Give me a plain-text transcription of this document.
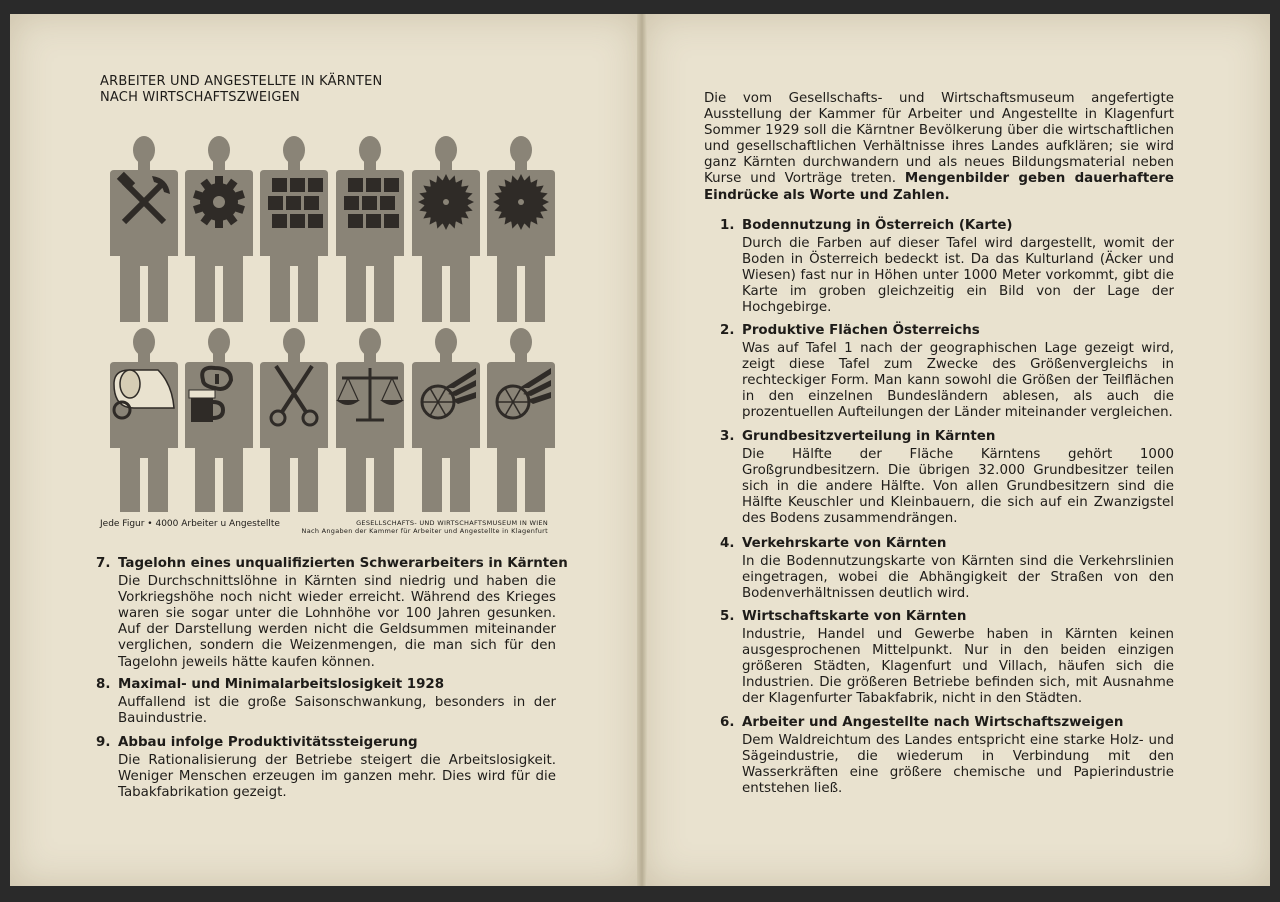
ARBEITER UND ANGESTELLTE IN KÄRNTEN
NACH WIRTSCHAFTSZWEIGEN
Jede Figur • 4000 Arbeiter u Angestellte	GESELLSCHAFTS- UND WIRTSCHAFTSMUSEUM IN WIEN
Nach Angaben der Kammer für Arbeiter und Angestellte in Klagenfurt
7. Tagelohn eines unqualifizierten Schwerarbeiters in Kärnten

Die Durchschnittslöhne in Kärnten sind niedrig und haben die Vorkriegshöhe noch nicht wieder erreicht. Während des Krieges waren sie sogar unter die Lohnhöhe vor 100 Jahren gesunken. Auf der Darstellung werden nicht die Geldsummen miteinander verglichen, sondern die Weizenmengen, die man sich für den Tagelohn jeweils hätte kaufen können.

8. Maximal- und Minimalarbeitslosigkeit 1928

Auffallend ist die große Saisonschwankung, besonders in der Bauindustrie.

9. Abbau infolge Produktivitätssteigerung

Die Rationalisierung der Betriebe steigert die Arbeitslosigkeit. Weniger Menschen erzeugen im ganzen mehr. Dies wird für die Tabakfabrikation gezeigt.

Die vom Gesellschafts- und Wirtschaftsmuseum angefertigte Ausstellung der Kammer für Arbeiter und Angestellte in Klagenfurt Sommer 1929 soll die Kärntner Bevölkerung über die wirtschaftlichen und gesellschaftlichen Verhältnisse ihres Landes aufklären; sie wird ganz Kärnten durchwandern und als neues Bildungsmaterial neben Kurse und Vorträge treten. Mengenbilder geben dauerhaftere Eindrücke als Worte und Zahlen.
1. Bodennutzung in Österreich (Karte)

Durch die Farben auf dieser Tafel wird dargestellt, womit der Boden in Österreich bedeckt ist. Da das Kulturland (Äcker und Wiesen) fast nur in Höhen unter 1000 Meter vorkommt, gibt die Karte im groben gleichzeitig ein Bild von der Lage der Hochgebirge.

2. Produktive Flächen Österreichs

Was auf Tafel 1 nach der geographischen Lage gezeigt wird, zeigt diese Tafel zum Zwecke des Größenvergleichs in rechteckiger Form. Man kann sowohl die Größen der Teilflächen in den einzelnen Bundesländern ablesen, als auch die prozentuellen Aufteilungen der Länder miteinander vergleichen.

3. Grundbesitzverteilung in Kärnten

Die Hälfte der Fläche Kärntens gehört 1000 Großgrundbesitzern. Die übrigen 32.000 Grundbesitzer teilen sich in die andere Hälfte. Von allen Grundbesitzern sind die Hälfte Keuschler und Kleinbauern, die sich auf ein Zwanzigstel des Bodens zusammendrängen.

4. Verkehrskarte von Kärnten

In die Bodennutzungskarte von Kärnten sind die Verkehrslinien eingetragen, wobei die Abhängigkeit der Straßen von den Bodenverhältnissen deutlich wird.

5. Wirtschaftskarte von Kärnten

Industrie, Handel und Gewerbe haben in Kärnten keinen ausgesprochenen Mittelpunkt. Nur in den beiden einzigen größeren Städten, Klagenfurt und Villach, häufen sich die Industrien. Die größeren Betriebe befinden sich, mit Ausnahme der Klagenfurter Tabakfabrik, nicht in den Städten.

6. Arbeiter und Angestellte nach Wirtschaftszweigen

Dem Waldreichtum des Landes entspricht eine starke Holz- und Sägeindustrie, die wiederum in Verbindung mit den Wasserkräften eine größere chemische und Papierindustrie entstehen ließ.
